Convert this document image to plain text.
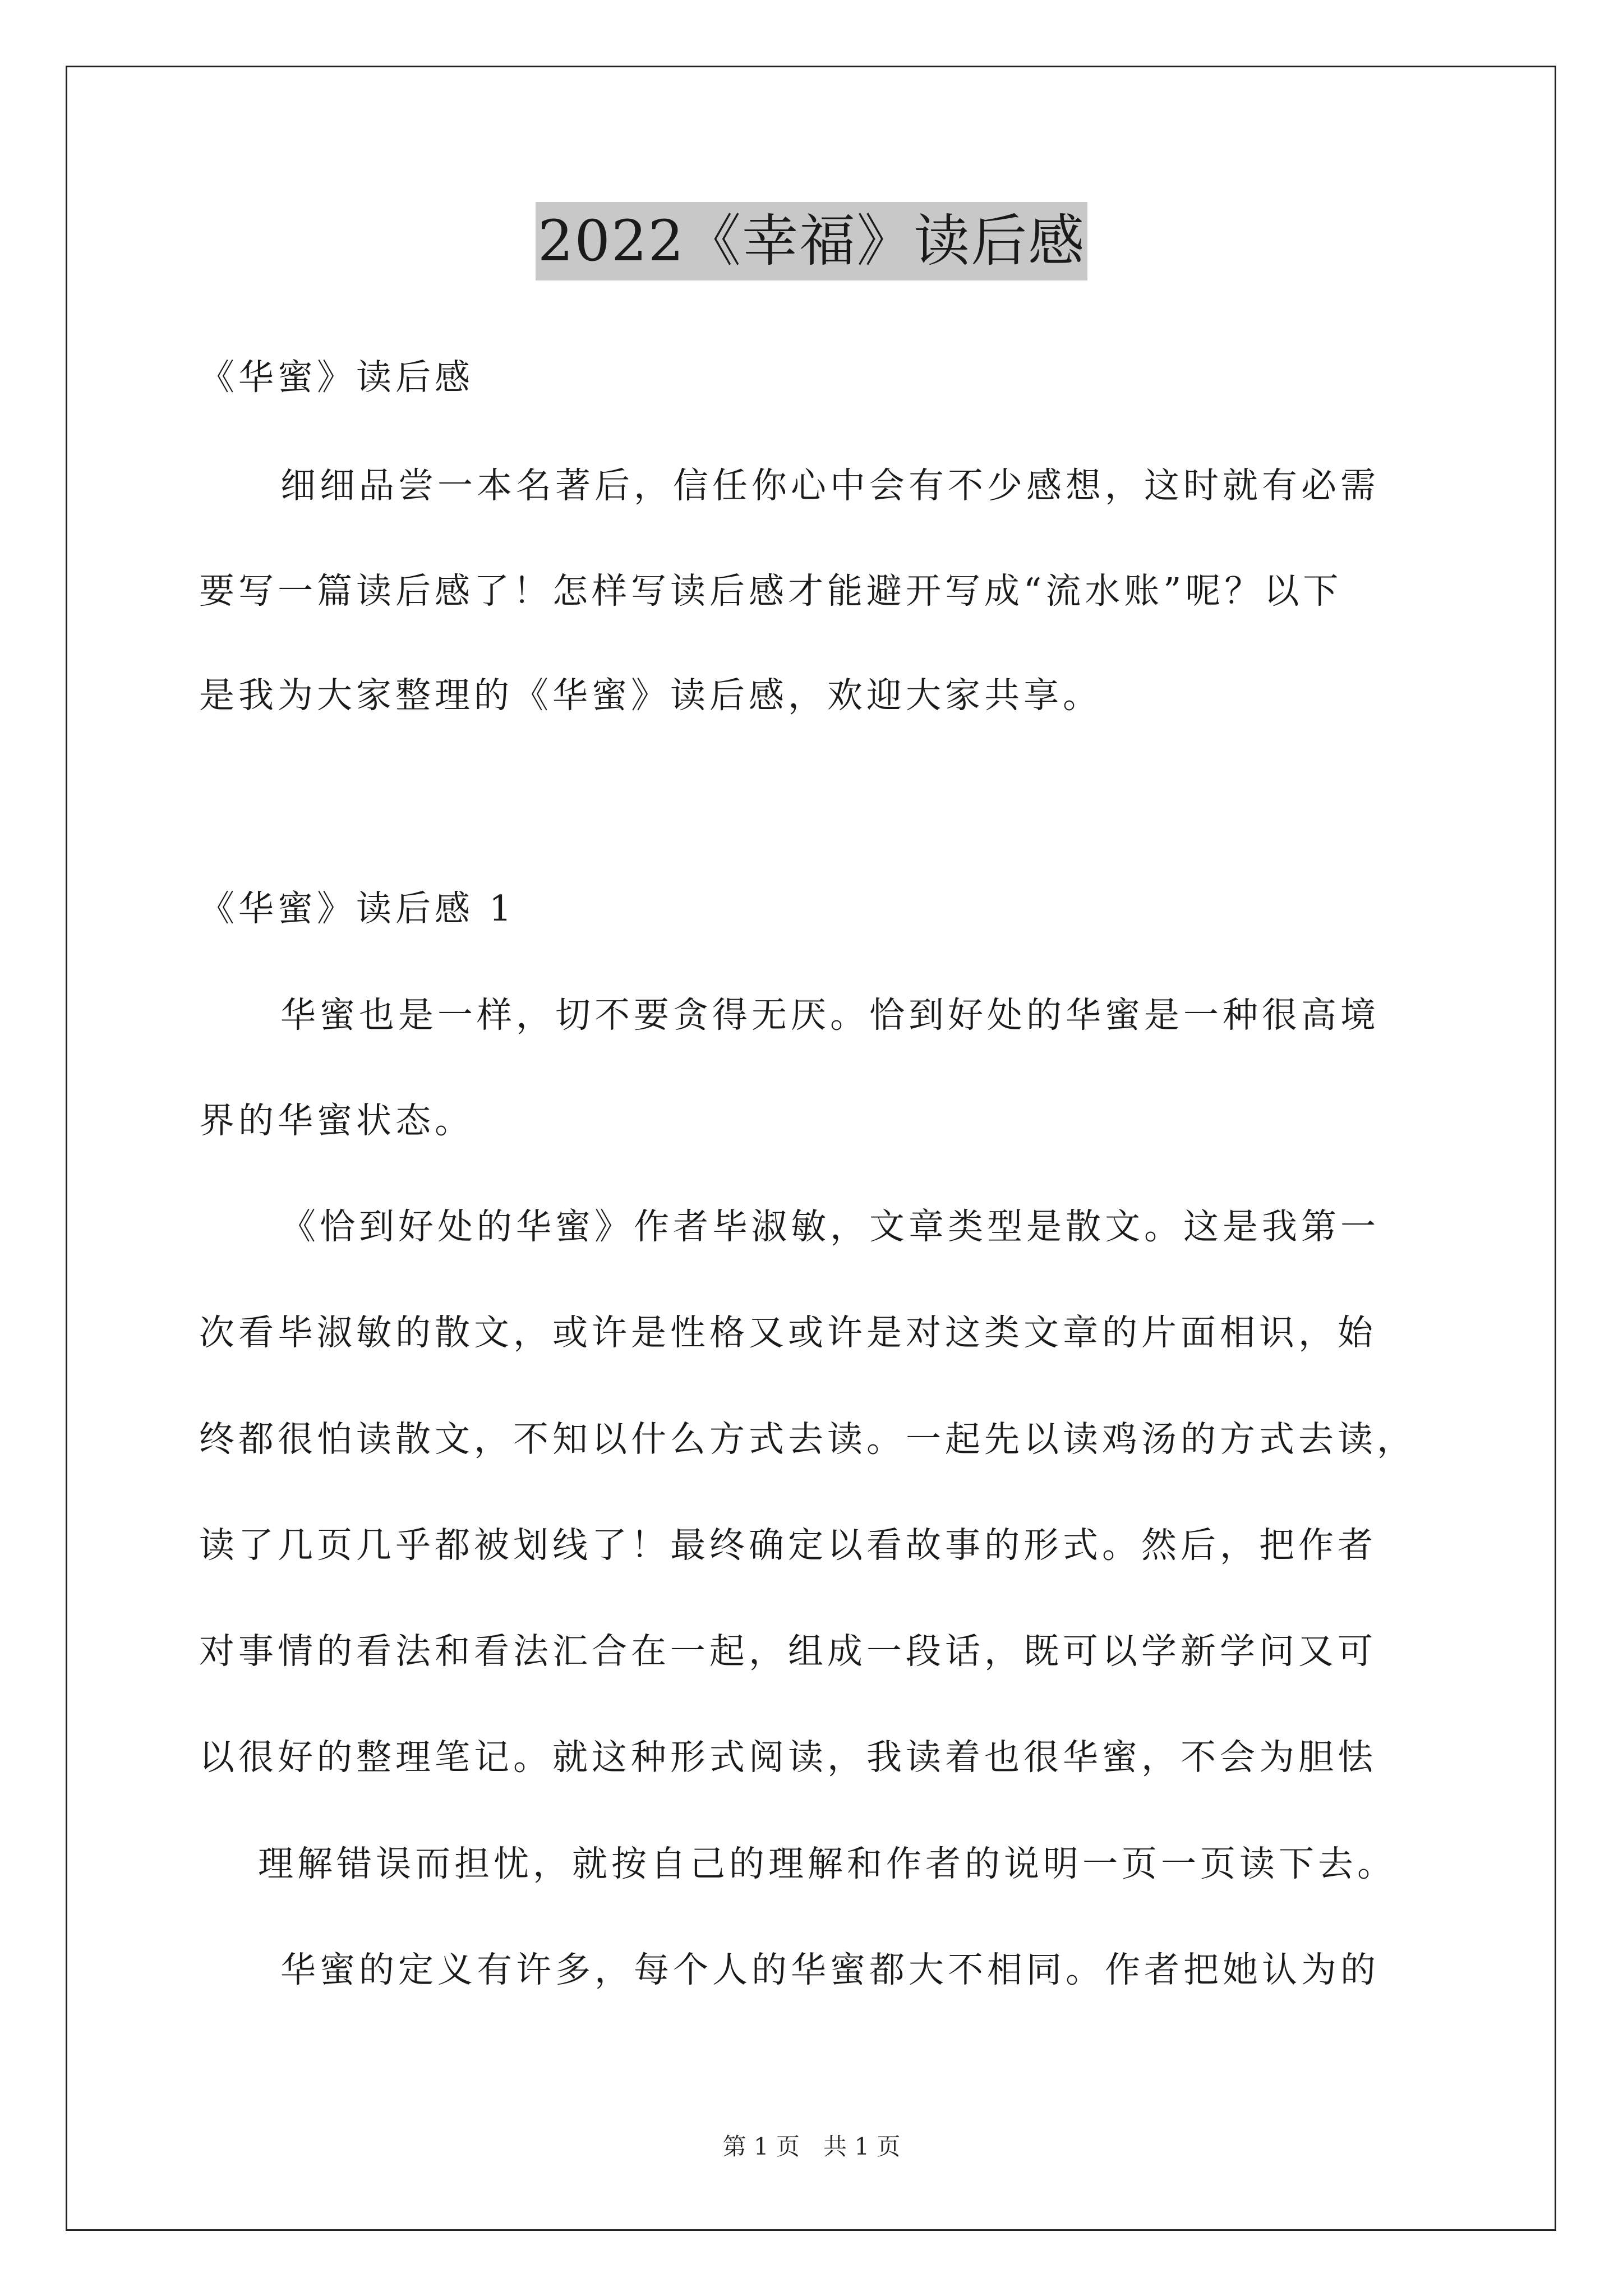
2022《幸福》读后感
《华蜜》读后感
细细品尝一本名著后，信任你心中会有不少感想，这时就有必需
要写一篇读后感了！怎样写读后感才能避开写成“流水账”呢？以下
是我为大家整理的《华蜜》读后感，欢迎大家共享。
《华蜜》读后感 1
华蜜也是一样，切不要贪得无厌。恰到好处的华蜜是一种很高境
界的华蜜状态。
《恰到好处的华蜜》作者毕淑敏，文章类型是散文。这是我第一
次看毕淑敏的散文，或许是性格又或许是对这类文章的片面相识，始
终都很怕读散文，不知以什么方式去读。一起先以读鸡汤的方式去读，
读了几页几乎都被划线了！最终确定以看故事的形式。然后，把作者
对事情的看法和看法汇合在一起，组成一段话，既可以学新学问又可
以很好的整理笔记。就这种形式阅读，我读着也很华蜜，不会为胆怯
理解错误而担忧，就按自己的理解和作者的说明一页一页读下去。
华蜜的定义有许多，每个人的华蜜都大不相同。作者把她认为的
第 1 页　共 1 页
